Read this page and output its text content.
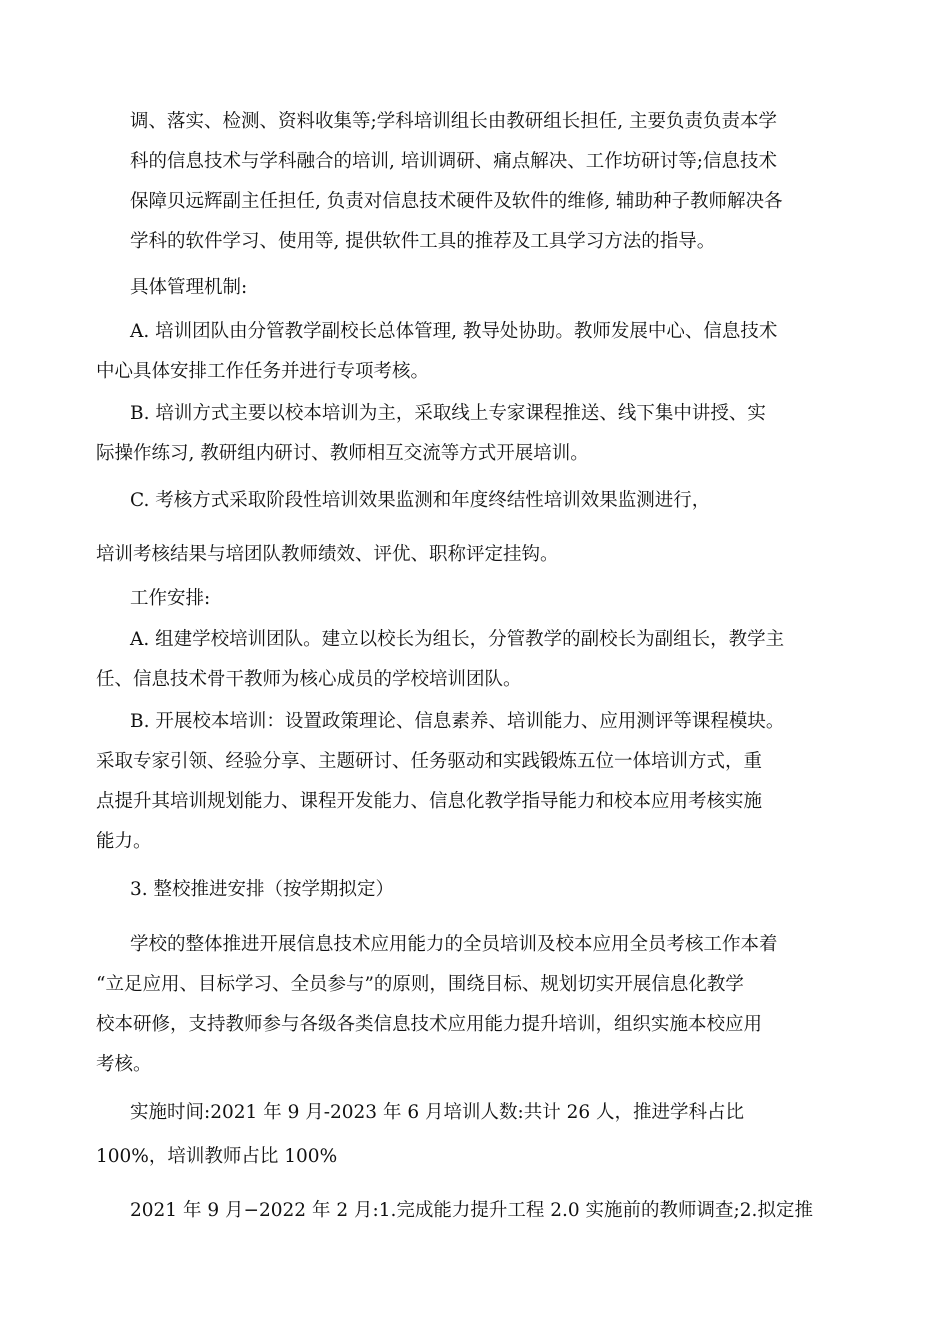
调、落实、检测、资料收集等;学科培训组长由教研组长担任, 主要负责负责本学
科的信息技术与学科融合的培训, 培训调研、痛点解决、工作坊研讨等;信息技术
保障贝远辉副主任担任, 负责对信息技术硬件及软件的维修, 辅助种子教师解决各
学科的软件学习、使用等, 提供软件工具的推荐及工具学习方法的指导。
具体管理机制:
A. 培训团队由分管教学副校长总体管理, 教导处协助。教师发展中心、信息技术
中心具体安排工作任务并进行专项考核。
B. 培训方式主要以校本培训为主，采取线上专家课程推送、线下集中讲授、实
际操作练习, 教研组内研讨、教师相互交流等方式开展培训。
C. 考核方式采取阶段性培训效果监测和年度终结性培训效果监测进行，
培训考核结果与培团队教师绩效、评优、职称评定挂钩。
工作安排:
A. 组建学校培训团队。建立以校长为组长，分管教学的副校长为副组长，教学主
任、信息技术骨干教师为核心成员的学校培训团队。
B. 开展校本培训：设置政策理论、信息素养、培训能力、应用测评等课程模块。
采取专家引领、经验分享、主题研讨、任务驱动和实践锻炼五位一体培训方式，重
点提升其培训规划能力、课程开发能力、信息化教学指导能力和校本应用考核实施
能力。
3. 整校推进安排（按学期拟定）
学校的整体推进开展信息技术应用能力的全员培训及校本应用全员考核工作本着
“立足应用、目标学习、全员参与”的原则，围绕目标、规划切实开展信息化教学
校本研修，支持教师参与各级各类信息技术应用能力提升培训，组织实施本校应用
考核。
实施时间:2021 年 9 月-2023 年 6 月培训人数:共计 26 人，推进学科占比
100%，培训教师占比 100%
2021 年 9 月−2022 年 2 月:1.完成能力提升工程 2.0 实施前的教师调查;2.拟定推
